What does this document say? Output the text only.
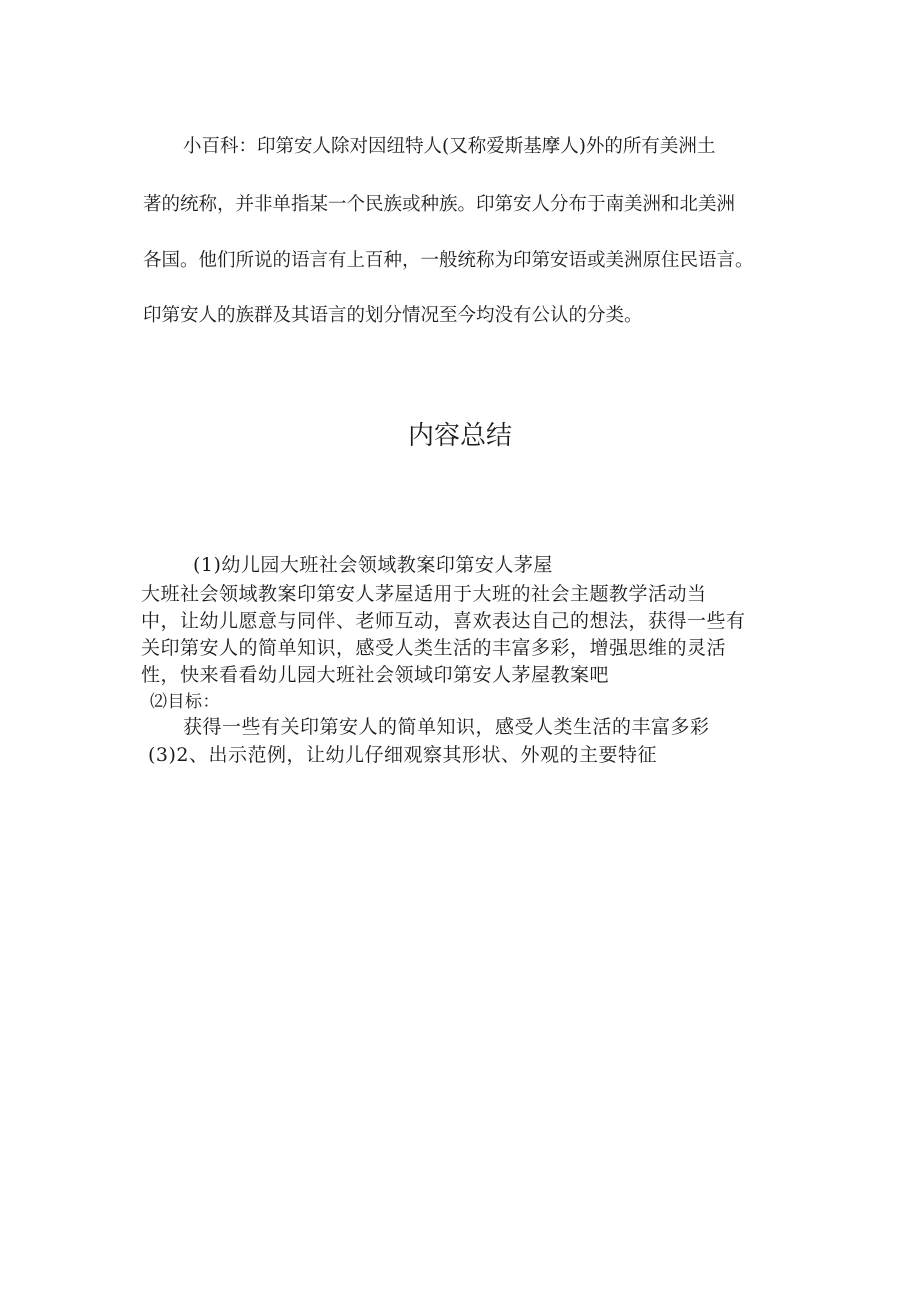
小百科：印第安人除对因纽特人(又称爱斯基摩人)外的所有美洲土
著的统称，并非单指某一个民族或种族。印第安人分布于南美洲和北美洲
各国。他们所说的语言有上百种，一般统称为印第安语或美洲原住民语言。
印第安人的族群及其语言的划分情况至今均没有公认的分类。
内容总结
(1)幼儿园大班社会领域教案印第安人茅屋
大班社会领域教案印第安人茅屋适用于大班的社会主题教学活动当
中，让幼儿愿意与同伴、老师互动，喜欢表达自己的想法，获得一些有
关印第安人的简单知识，感受人类生活的丰富多彩，增强思维的灵活
性，快来看看幼儿园大班社会领域印第安人茅屋教案吧
⑵目标：
获得一些有关印第安人的简单知识，感受人类生活的丰富多彩
(3)2、出示范例，让幼儿仔细观察其形状、外观的主要特征
